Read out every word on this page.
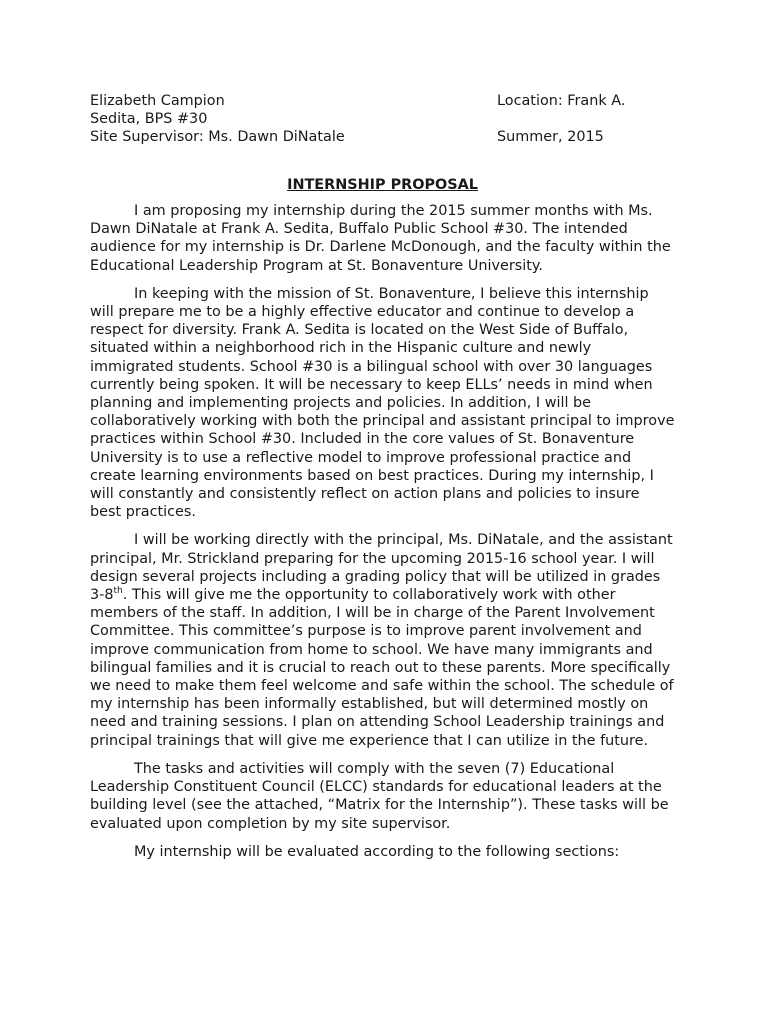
Elizabeth Campion	Location: Frank A.
Sedita, BPS #30
Site Supervisor: Ms. Dawn DiNatale	Summer, 2015
INTERNSHIP PROPOSAL

I am proposing my internship during the 2015 summer months with Ms. Dawn DiNatale at Frank A. Sedita, Buffalo Public School #30. The intended audience for my internship is Dr. Darlene McDonough, and the faculty within the Educational Leadership Program at St. Bonaventure University.

In keeping with the mission of St. Bonaventure, I believe this internship will prepare me to be a highly effective educator and continue to develop a respect for diversity. Frank A. Sedita is located on the West Side of Buffalo, situated within a neighborhood rich in the Hispanic culture and newly immigrated students. School #30 is a bilingual school with over 30 languages currently being spoken. It will be necessary to keep ELLs’ needs in mind when planning and implementing projects and policies. In addition, I will be collaboratively working with both the principal and assistant principal to improve practices within School #30. Included in the core values of St. Bonaventure University is to use a reflective model to improve professional practice and create learning environments based on best practices. During my internship, I will constantly and consistently reflect on action plans and policies to insure best practices.

I will be working directly with the principal, Ms. DiNatale, and the assistant principal, Mr. Strickland preparing for the upcoming 2015-16 school year. I will design several projects including a grading policy that will be utilized in grades 3-8th. This will give me the opportunity to collaboratively work with other members of the staff. In addition, I will be in charge of the Parent Involvement Committee. This committee’s purpose is to improve parent involvement and improve communication from home to school. We have many immigrants and bilingual families and it is crucial to reach out to these parents. More specifically we need to make them feel welcome and safe within the school. The schedule of my internship has been informally established, but will determined mostly on need and training sessions. I plan on attending School Leadership trainings and principal trainings that will give me experience that I can utilize in the future.

The tasks and activities will comply with the seven (7) Educational Leadership Constituent Council (ELCC) standards for educational leaders at the building level (see the attached, “Matrix for the Internship”). These tasks will be evaluated upon completion by my site supervisor.

My internship will be evaluated according to the following sections:
